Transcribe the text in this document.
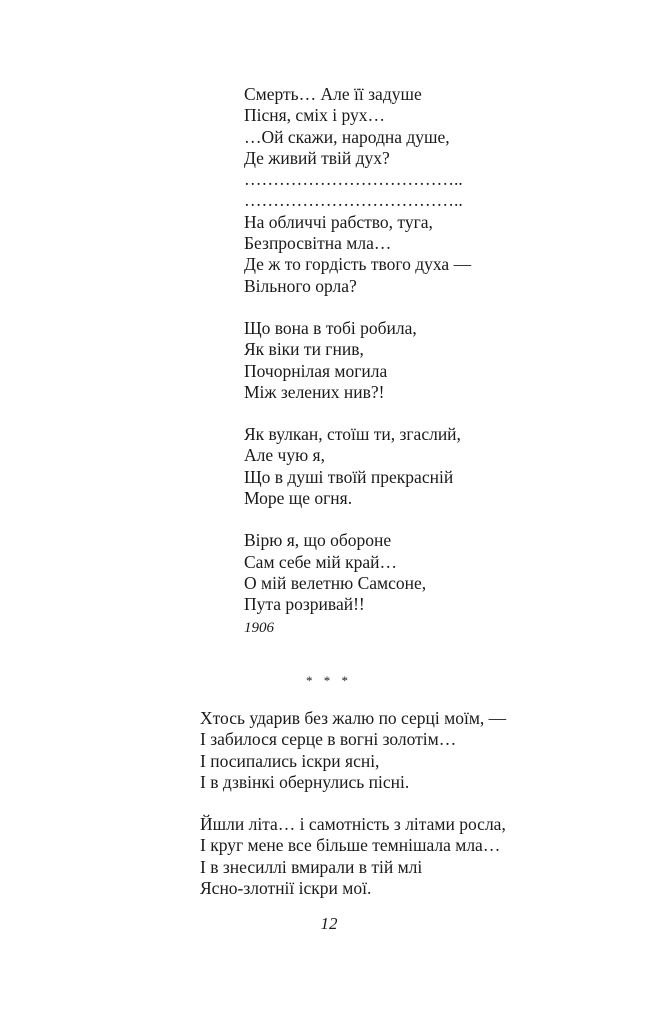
Смерть… Але її задуше

Пісня, сміх і рух…

…Ой скажи, народна душе,

Де живий твій дух?

………………………………..

………………………………..

На обличчі рабство, туга,

Безпросвітна мла…

Де ж то гордість твого духа —

Вільного орла?

Що вона в тобі робила,

Як віки ти гнив,

Почорнілая могила

Між зелених нив?!

Як вулкан, стоїш ти, згаслий,

Але чую я,

Що в душі твоїй прекрасній

Море ще огня.

Вірю я, що обороне

Сам себе мій край…

О мій велетню Самсоне,

Пута розривай!!

1906
* * *

Хтось ударив без жалю по серці моїм, —

І забилося серце в вогні золотім…

І посипались іскри ясні,

І в дзвінкі обернулись пісні.

Йшли літа… і самотність з літами росла,

І круг мене все більше темнішала мла…

І в знесиллі вмирали в тій млі

Ясно-злотнії іскри мої.

12
